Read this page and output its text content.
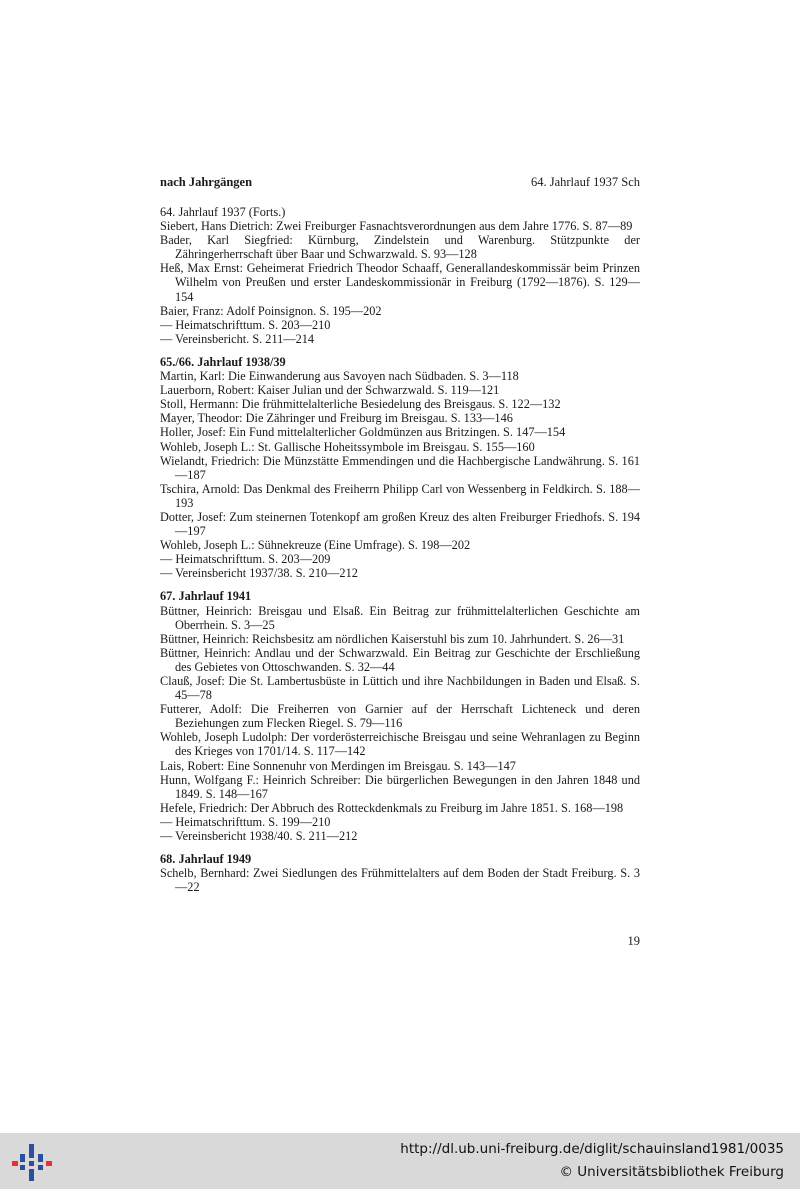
nach Jahrgängen	64. Jahrlauf 1937 Sch
64. Jahrlauf 1937 (Forts.)
Siebert, Hans Dietrich: Zwei Freiburger Fasnachtsverordnungen aus dem Jahre 1776. S. 87—89
Bader, Karl Siegfried: Kürnburg, Zindelstein und Warenburg. Stützpunkte der Zähringerherrschaft über Baar und Schwarzwald. S. 93—128
Heß, Max Ernst: Geheimerat Friedrich Theodor Schaaff, Generallandeskommissär beim Prinzen Wilhelm von Preußen und erster Landeskommissionär in Freiburg (1792—1876). S. 129—154
Baier, Franz: Adolf Poinsignon. S. 195—202
— Heimatschrifttum. S. 203—210
— Vereinsbericht. S. 211—214
65./66. Jahrlauf 1938/39
Martin, Karl: Die Einwanderung aus Savoyen nach Südbaden. S. 3—118
Lauerborn, Robert: Kaiser Julian und der Schwarzwald. S. 119—121
Stoll, Hermann: Die frühmittelalterliche Besiedelung des Breisgaus. S. 122—132
Mayer, Theodor: Die Zähringer und Freiburg im Breisgau. S. 133—146
Holler, Josef: Ein Fund mittelalterlicher Goldmünzen aus Britzingen. S. 147—154
Wohleb, Joseph L.: St. Gallische Hoheitssymbole im Breisgau. S. 155—160
Wielandt, Friedrich: Die Münzstätte Emmendingen und die Hachbergische Landwährung. S. 161—187
Tschira, Arnold: Das Denkmal des Freiherrn Philipp Carl von Wessenberg in Feldkirch. S. 188—193
Dotter, Josef: Zum steinernen Totenkopf am großen Kreuz des alten Freiburger Friedhofs. S. 194—197
Wohleb, Joseph L.: Sühnekreuze (Eine Umfrage). S. 198—202
— Heimatschrifttum. S. 203—209
— Vereinsbericht 1937/38. S. 210—212
67. Jahrlauf 1941
Büttner, Heinrich: Breisgau und Elsaß. Ein Beitrag zur frühmittelalterlichen Geschichte am Oberrhein. S. 3—25
Büttner, Heinrich: Reichsbesitz am nördlichen Kaiserstuhl bis zum 10. Jahrhundert. S. 26—31
Büttner, Heinrich: Andlau und der Schwarzwald. Ein Beitrag zur Geschichte der Erschließung des Gebietes von Ottoschwanden. S. 32—44
Clauß, Josef: Die St. Lambertusbüste in Lüttich und ihre Nachbildungen in Baden und Elsaß. S. 45—78
Futterer, Adolf: Die Freiherren von Garnier auf der Herrschaft Lichteneck und deren Beziehungen zum Flecken Riegel. S. 79—116
Wohleb, Joseph Ludolph: Der vorderösterreichische Breisgau und seine Wehranlagen zu Beginn des Krieges von 1701/14. S. 117—142
Lais, Robert: Eine Sonnenuhr von Merdingen im Breisgau. S. 143—147
Hunn, Wolfgang F.: Heinrich Schreiber: Die bürgerlichen Bewegungen in den Jahren 1848 und 1849. S. 148—167
Hefele, Friedrich: Der Abbruch des Rotteckdenkmals zu Freiburg im Jahre 1851. S. 168—198
— Heimatschrifttum. S. 199—210
— Vereinsbericht 1938/40. S. 211—212
68. Jahrlauf 1949
Schelb, Bernhard: Zwei Siedlungen des Frühmittelalters auf dem Boden der Stadt Freiburg. S. 3—22
19
http://dl.ub.uni-freiburg.de/diglit/schauinsland1981/0035
© Universitätsbibliothek Freiburg
